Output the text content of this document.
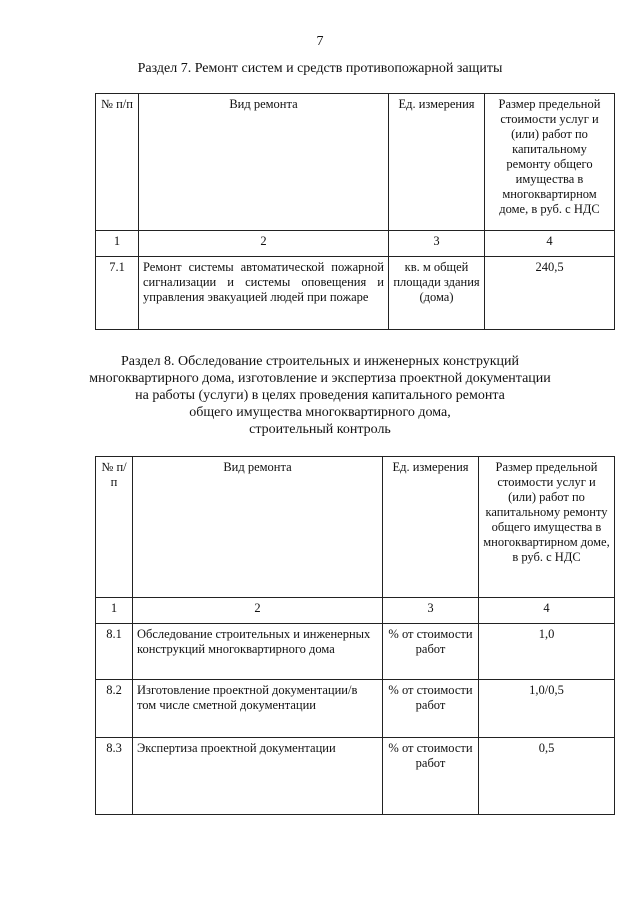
7
Раздел 7. Ремонт систем и средств противопожарной защиты
№ п/п	Вид ремонта	Ед. измерения	Размер предельной стоимости услуг и (или) работ по капитальному ремонту общего имущества в многоквартирном доме, в руб. с НДС
1	2	3	4
7.1	Ремонт системы автоматической пожарной сигнализации и системы оповещения и управления эвакуацией людей при пожаре	кв. м общей площади здания (дома)	240,5
Раздел 8. Обследование строительных и инженерных конструкций
многоквартирного дома, изготовление и экспертиза проектной документации
на работы (услуги) в целях проведения капитального ремонта
общего имущества многоквартирного дома,
строительный контроль
№ п/п	Вид ремонта	Ед. измерения	Размер предельной стоимости услуг и (или) работ по капитальному ремонту общего имущества в многоквартирном доме, в руб. с НДС
1	2	3	4
8.1	Обследование строительных и инженерных конструкций многоквартирного дома	% от стоимости работ	1,0
8.2	Изготовление проектной документации/в том числе сметной документации	% от стоимости работ	1,0/0,5
8.3	Экспертиза проектной документации	% от стоимости работ	0,5
